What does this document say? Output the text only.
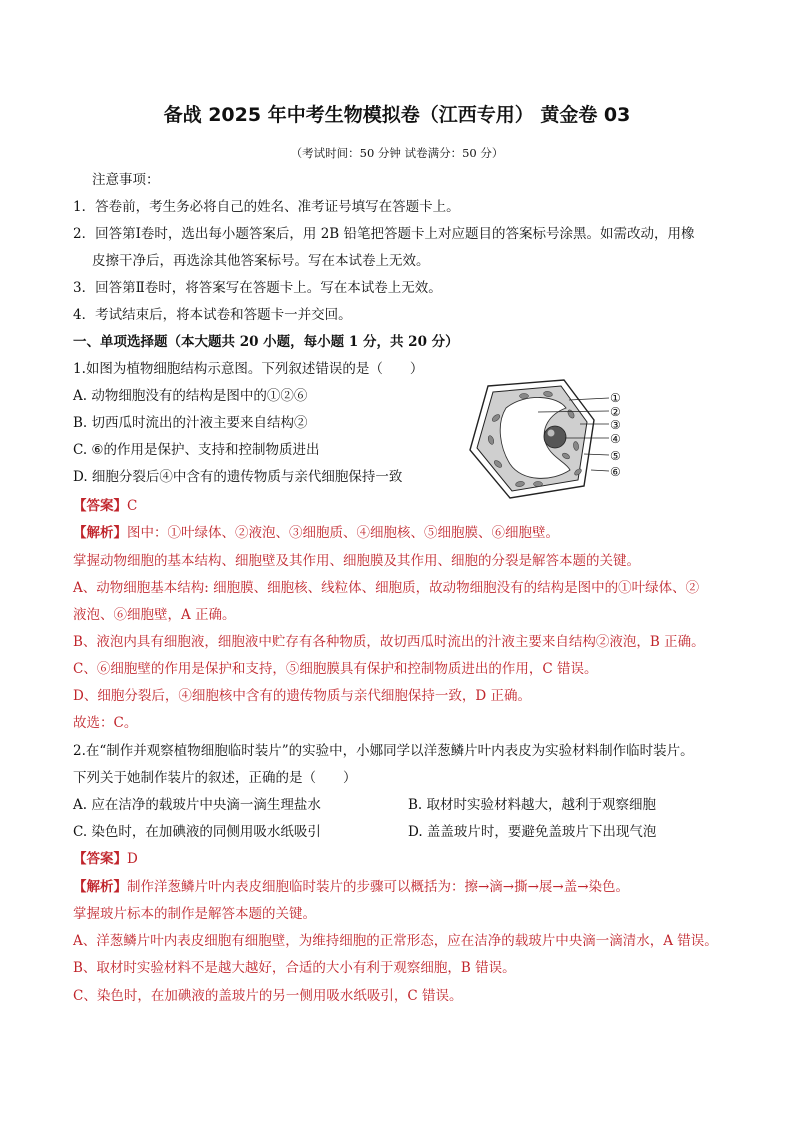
备战 2025 年中考生物模拟卷（江西专用） 黄金卷 03
（考试时间：50 分钟 试卷满分：50 分）
注意事项：
1．答卷前，考生务必将自己的姓名、准考证号填写在答题卡上。
2．回答第Ⅰ卷时，选出每小题答案后，用 2B 铅笔把答题卡上对应题目的答案标号涂黑。如需改动，用橡
皮擦干净后，再选涂其他答案标号。写在本试卷上无效。
3．回答第Ⅱ卷时，将答案写在答题卡上。写在本试卷上无效。
4．考试结束后，将本试卷和答题卡一并交回。
一、单项选择题（本大题共 20 小题，每小题 1 分，共 20 分）
1.如图为植物细胞结构示意图。下列叙述错误的是（　　）
A. 动物细胞没有的结构是图中的①②⑥
B. 切西瓜时流出的汁液主要来自结构②
C. ⑥的作用是保护、支持和控制物质进出
D. 细胞分裂后④中含有的遗传物质与亲代细胞保持一致
①
②
③
④
⑤
⑥
【答案】C
【解析】图中：①叶绿体、②液泡、③细胞质、④细胞核、⑤细胞膜、⑥细胞壁。
掌握动物细胞的基本结构、细胞壁及其作用、细胞膜及其作用、细胞的分裂是解答本题的关键。
A、动物细胞基本结构: 细胞膜、细胞核、线粒体、细胞质，故动物细胞没有的结构是图中的①叶绿体、②
液泡、⑥细胞壁，A 正确。
B、液泡内具有细胞液，细胞液中贮存有各种物质，故切西瓜时流出的汁液主要来自结构②液泡，B 正确。
C、⑥细胞壁的作用是保护和支持，⑤细胞膜具有保护和控制物质进出的作用，C 错误。
D、细胞分裂后，④细胞核中含有的遗传物质与亲代细胞保持一致，D 正确。
故选：C。
2.在“制作并观察植物细胞临时装片”的实验中，小娜同学以洋葱鳞片叶内表皮为实验材料制作临时装片。
下列关于她制作装片的叙述，正确的是（　　）
A. 应在洁净的载玻片中央滴一滴生理盐水	B. 取材时实验材料越大，越利于观察细胞
C. 染色时，在加碘液的同侧用吸水纸吸引	D. 盖盖玻片时，要避免盖玻片下出现气泡
【答案】D
【解析】制作洋葱鳞片叶内表皮细胞临时装片的步骤可以概括为：擦→滴→撕→展→盖→染色。
掌握玻片标本的制作是解答本题的关键。
A、洋葱鳞片叶内表皮细胞有细胞壁，为维持细胞的正常形态，应在洁净的载玻片中央滴一滴清水，A 错误。
B、取材时实验材料不是越大越好，合适的大小有利于观察细胞，B 错误。
C、染色时，在加碘液的盖玻片的另一侧用吸水纸吸引，C 错误。
